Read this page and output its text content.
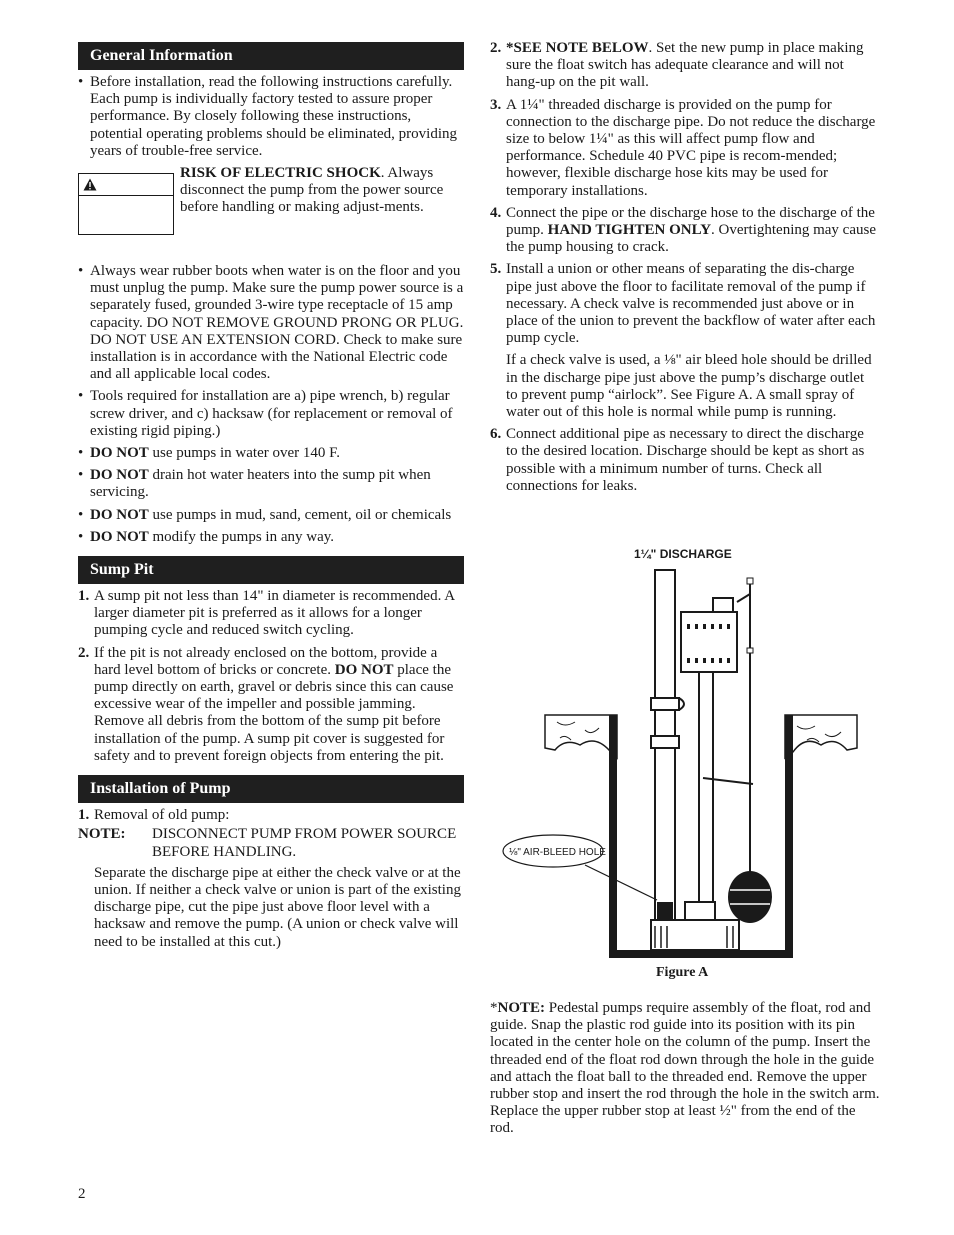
General Information
• Before installation, read the following instructions carefully. Each pump is individually factory tested to assure proper performance. By closely following these instructions, potential operating problems should be eliminated, providing years of trouble-free service.
RISK OF ELECTRIC SHOCK. Always disconnect the pump from the power source before handling or making adjust-ments.
• Always wear rubber boots when water is on the floor and you must unplug the pump. Make sure the pump power source is a separately fused, grounded 3-wire type receptacle of 15 amp capacity. DO NOT REMOVE GROUND PRONG OR PLUG. DO NOT USE AN EXTENSION CORD. Check to make sure installation is in accordance with the National Electric code and all applicable local codes.
• Tools required for installation are a) pipe wrench, b) regular screw driver, and c) hacksaw (for replacement or removal of existing rigid piping.)
• DO NOT use pumps in water over 140 F.
• DO NOT drain hot water heaters into the sump pit when servicing.
• DO NOT use pumps in mud, sand, cement, oil or chemicals
• DO NOT modify the pumps in any way.
Sump Pit
1. A sump pit not less than 14" in diameter is recommended. A larger diameter pit is preferred as it allows for a longer pumping cycle and reduced switch cycling.
2. If the pit is not already enclosed on the bottom, provide a hard level bottom of bricks or concrete. DO NOT place the pump directly on earth, gravel or debris since this can cause excessive wear of the impeller and possible jamming. Remove all debris from the bottom of the sump pit before installation of the pump. A sump pit cover is suggested for safety and to prevent foreign objects from entering the pit.
Installation of Pump
1. Removal of old pump:
NOTE: DISCONNECT PUMP FROM POWER SOURCE BEFORE HANDLING.
Separate the discharge pipe at either the check valve or at the union. If neither a check valve or union is part of the existing discharge pipe, cut the pipe just above floor level with a hacksaw and remove the pump. (A union or check valve will need to be installed at this cut.)
2. *SEE NOTE BELOW. Set the new pump in place making sure the float switch has adequate clearance and will not hang-up on the pit wall.
3. A 1¼" threaded discharge is provided on the pump for connection to the discharge pipe. Do not reduce the discharge size to below 1¼" as this will affect pump flow and performance. Schedule 40 PVC pipe is recom-mended; however, flexible discharge hose kits may be used for temporary installations.
4. Connect the pipe or the discharge hose to the discharge of the pump. HAND TIGHTEN ONLY. Overtightening may cause the pump housing to crack.
5. Install a union or other means of separating the dis-charge pipe just above the floor to facilitate removal of the pump if necessary. A check valve is recommended just above or in place of the union to prevent the backflow of water after each pump cycle.
If a check valve is used, a ⅛" air bleed hole should be drilled in the discharge pipe just above the pump’s discharge outlet to prevent pump “airlock”. See Figure A. A small spray of water out of this hole is normal while pump is running.
6. Connect additional pipe as necessary to direct the discharge to the desired location. Discharge should be kept as short as possible with a minimum number of turns. Check all connections for leaks.
1¼" DISCHARGE
⅛" AIR-BLEED HOLE
Figure A
*NOTE: Pedestal pumps require assembly of the float, rod and guide. Snap the plastic rod guide into its position with its pin located in the center hole on the column of the pump. Insert the threaded end of the float rod down through the hole in the guide and attach the float ball to the threaded end. Remove the upper rubber stop and insert the rod through the hole in the switch arm. Replace the upper rubber stop at least ½" from the end of the rod.
2
